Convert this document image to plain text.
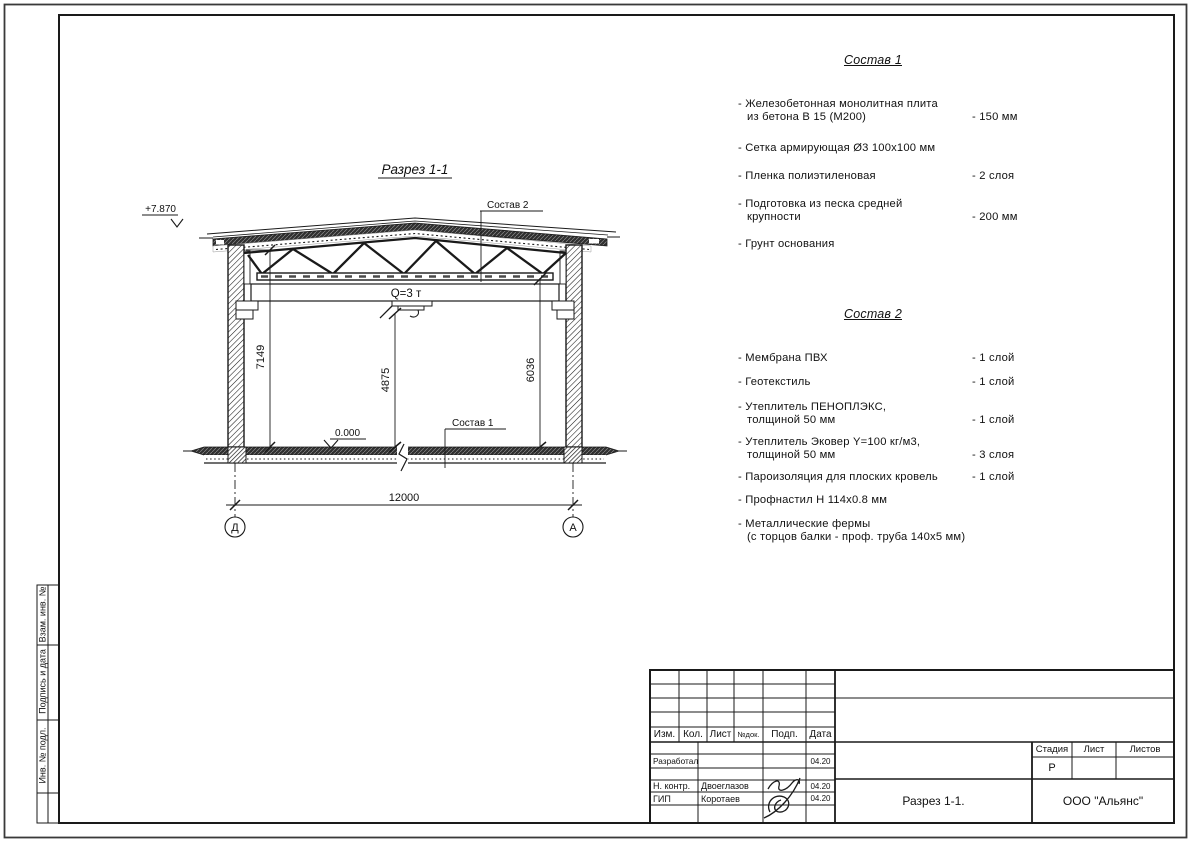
Разрез 1-1
+7.870
0.000
Q=3 т
7149
4875	6036
12000
Д	А
Состав 2
Состав 1
Состав 1
- Железобетонная монолитная плита
из бетона В 15 (М200)	- 150 мм
- Сетка армирующая Ø3 100х100 мм
- Пленка полиэтиленовая	- 2 слоя
- Подготовка из песка средней
крупности	- 200 мм
- Грунт основания
Состав 2
- Мембрана ПВХ	- 1 слой
- Геотекстиль	- 1 слой
- Утеплитель ПЕНОПЛЭКС,
толщиной 50 мм	- 1 слой
- Утеплитель Эковер Y=100 кг/м3,
толщиной 50 мм	- 3 слоя
- Пароизоляция для плоских кровель	- 1 слой
- Профнастил Н 114х0.8 мм
- Металлические фермы
(с торцов балки - проф. труба 140х5 мм)
Изм. Кол. Лист №док.	Подп.	Дата
Разработал	04.20
Н. контр.	Двоеглазов	04.20
ГИП	Коротаев	04.20
Стадия	Лист	Листов
Р
Разрез 1-1.	ООО "Альянс"
Взам. инв. №
Подпись и дата
Инв. № подл.
